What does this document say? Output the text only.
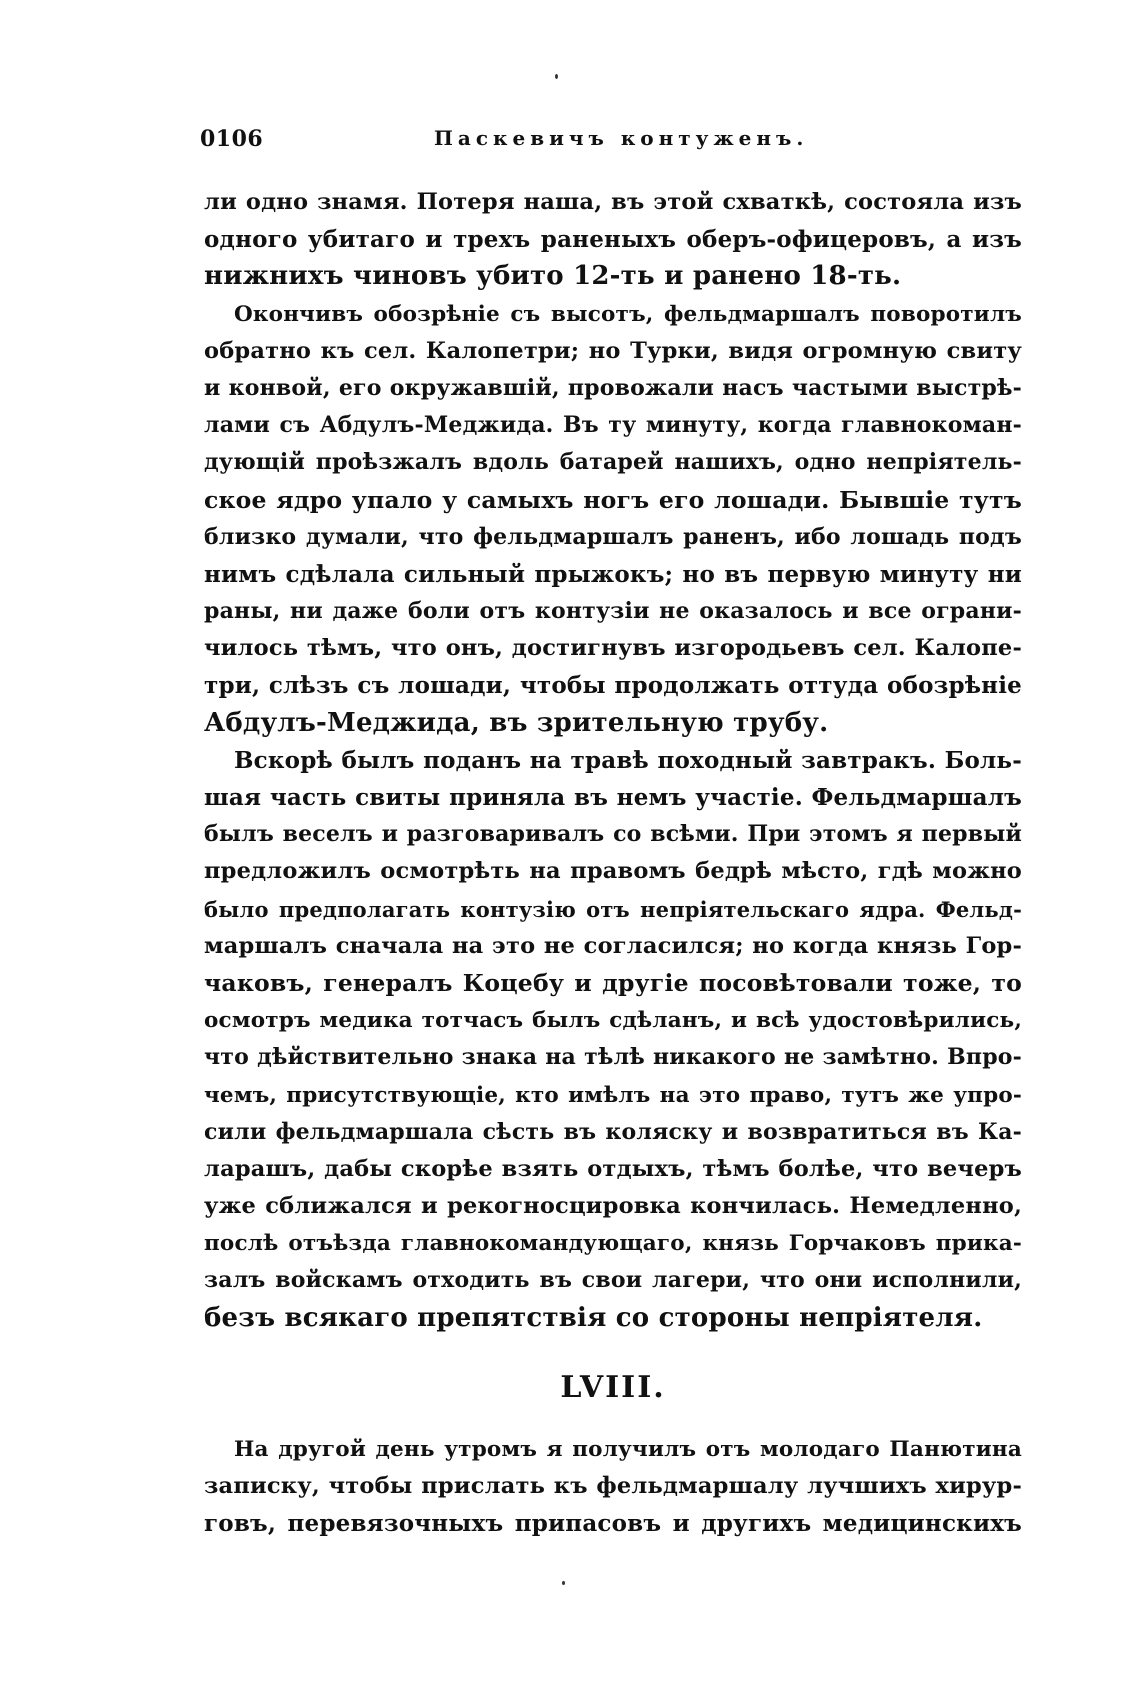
0106	Паскевичъ контуженъ.
ли одно знамя. Потеря наша, въ этой схваткѣ, состояла изъ
одного убитаго и трехъ раненыхъ оберъ-офицеровъ, а изъ
нижнихъ чиновъ убито 12-ть и ранено 18-ть.
Окончивъ обозрѣніе съ высотъ, фельдмаршалъ поворотилъ
обратно къ сел. Калопетри; но Турки, видя огромную свиту
и конвой, его окружавшій, провожали насъ частыми выстрѣ-
лами съ Абдулъ-Меджида. Въ ту минуту, когда главнокоман-
дующій проѣзжалъ вдоль батарей нашихъ, одно непріятель-
ское ядро упало у самыхъ ногъ его лошади. Бывшіе тутъ
близко думали, что фельдмаршалъ раненъ, ибо лошадь подъ
нимъ сдѣлала сильный прыжокъ; но въ первую минуту ни
раны, ни даже боли отъ контузіи не оказалось и все ограни-
чилось тѣмъ, что онъ, достигнувъ изгородьевъ сел. Калопе-
три, слѣзъ съ лошади, чтобы продолжать оттуда обозрѣніе
Абдулъ-Меджида, въ зрительную трубу.
Вскорѣ былъ поданъ на травѣ походный завтракъ. Боль-
шая часть свиты приняла въ немъ участіе. Фельдмаршалъ
былъ веселъ и разговаривалъ со всѣми. При этомъ я первый
предложилъ осмотрѣть на правомъ бедрѣ мѣсто, гдѣ можно
было предполагать контузію отъ непріятельскаго ядра. Фельд-
маршалъ сначала на это не согласился; но когда князь Гор-
чаковъ, генералъ Коцебу и другіе посовѣтовали тоже, то
осмотръ медика тотчасъ былъ сдѣланъ, и всѣ удостовѣрились,
что дѣйствительно знака на тѣлѣ никакого не замѣтно. Впро-
чемъ, присутствующіе, кто имѣлъ на это право, тутъ же упро-
сили фельдмаршала сѣсть въ коляску и возвратиться въ Ка-
ларашъ, дабы скорѣе взять отдыхъ, тѣмъ болѣе, что вечеръ
уже сближался и рекогносцировка кончилась. Немедленно,
послѣ отъѣзда главнокомандующаго, князь Горчаковъ прика-
залъ войскамъ отходить въ свои лагери, что они исполнили,
безъ всякаго препятствія со стороны непріятеля.
LVIII.
На другой день утромъ я получилъ отъ молодаго Панютина
записку, чтобы прислать къ фельдмаршалу лучшихъ хирур-
говъ, перевязочныхъ припасовъ и другихъ медицинскихъ
